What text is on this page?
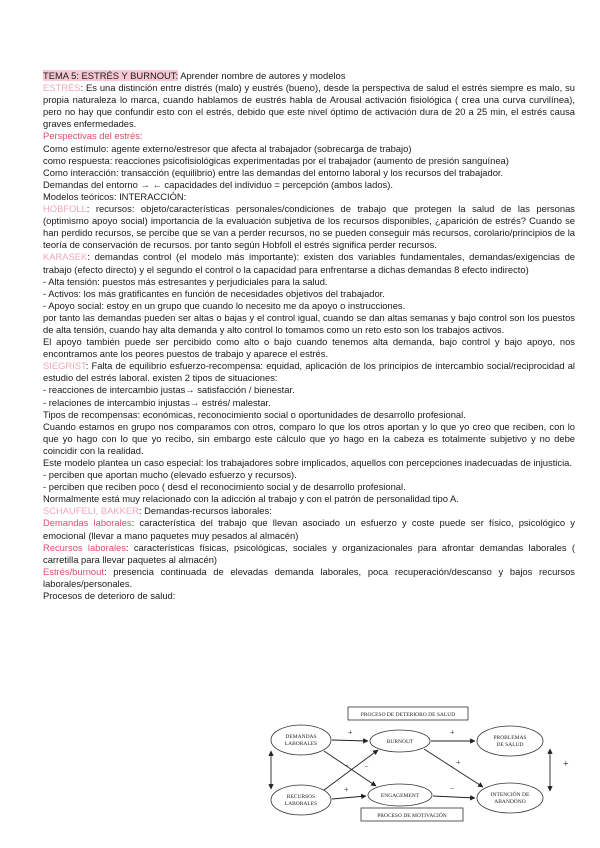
TEMA 5: ESTRÉS Y BURNOUT: Aprender nombre de autores y modelos

ESTRÉS: Es una distinción entre distrés (malo) y eustrés (bueno), desde la perspectiva de salud el estrés siempre es malo, su propia naturaleza lo marca, cuando hablamos de eustrés habla de Arousal activación fisiológica ( crea una curva curvilínea), pero no hay que confundir esto con el estrés, debido que este nivel óptimo de activación dura de 20 a 25 min, el estrés causa graves enfermedades.

Perspectivas del estrés:

Como estímulo: agente externo/estresor que afecta al trabajador (sobrecarga de trabajo)

como respuesta: reacciones psicofisiológicas experimentadas por el trabajador (aumento de presión sanguínea)

Como interacción: transacción (equilibrio) entre las demandas del entorno laboral y los recursos del trabajador.

Demandas del entorno → ← capacidades del individuo = percepción (ambos lados).

Modelos teóricos: INTERACCIÓN:

HOBFOLL: recursos: objeto/características personales/condiciones de trabajo que protegen la salud de las personas (optimismo apoyo social) importancia de la evaluación subjetiva de los recursos disponibles, ¿aparición de estrés? Cuando se han perdido recursos, se percibe que se van a perder recursos, no se pueden conseguir más recursos, corolario/principios de la teoría de conservación de recursos. por tanto según Hobfoll el estrés significa perder recursos.

KARASEK: demandas control (el modelo más importante): existen dos variables fundamentales, demandas/exigencias de trabajo (efecto directo) y el segundo el control o la capacidad para enfrentarse a dichas demandas 8 efecto indirecto)

- Alta tensión: puestos más estresantes y perjudiciales para la salud.

- Activos: los más gratificantes en función de necesidades objetivos del trabajador.

- Apoyo social: estoy en un grupo que cuando lo necesito me da apoyo o instrucciones.

por tanto las demandas pueden ser altas o bajas y el control igual, cuando se dan altas semanas y bajo control son los puestos de alta tensión, cuando hay alta demanda y alto control lo tomamos como un reto esto son los trabajos activos.

El apoyo también puede ser percibido como alto o bajo cuando tenemos alta demanda, bajo control y bajo apoyo, nos encontramos ante los peores puestos de trabajo y aparece el estrés.

SIEGRIST: Falta de equilibrio esfuerzo-recompensa: equidad, aplicación de los principios de intercambio social/reciprocidad al estudio del estrés laboral. existen 2 tipos de situaciones:

- reacciones de intercambio justas→ satisfacción / bienestar.

- relaciones de intercambio injustas→ estrés/ malestar.

Tipos de recompensas: económicas, reconocimiento social o oportunidades de desarrollo profesional.

Cuando estamos en grupo nos comparamos con otros, comparo lo que los otros aportan y lo que yo creo que reciben, con lo que yo hago con lo que yo recibo, sin embargo este cálculo que yo hago en la cabeza es totalmente subjetivo y no debe coincidir con la realidad.

Este modelo plantea un caso especial: los trabajadores sobre implicados, aquellos con percepciones inadecuadas de injusticia.

- perciben que aportan mucho (elevado esfuerzo y recursos).

- perciben que reciben poco ( desd el reconocimiento social y de desarrollo profesional.

Normalmente está muy relacionado con la adicción al trabajo y con el patrón de personalidad tipo A.

SCHAUFELI, BAKKER: Demandas-recursos laborales:

Demandas laborales: característica del trabajo que llevan asociado un esfuerzo y coste puede ser físico, psicológico y emocional (llevar a mano paquetes muy pesados al almacén)

Recursos laborales: características físicas, psicológicas, sociales y organizacionales para afrontar demandas laborales ( carretilla para llevar paquetes al almacén)

Estrés/burnout: presencia continuada de elevadas demanda laborales, poca recuperación/descanso y bajos recursos laborales/personales.

Procesos de deterioro de salud:

PROCESO DE DETERIORO DE SALUD
PROCESO DE MOTIVACIÓN
DEMANDAS
LABORALES
RECURSOS
LABORALES
BURNOUT
ENGAGEMENT
PROBLEMAS
DE SALUD
INTENCIÓN DE
ABANDONO
+	+
− −
+	−
+	+
